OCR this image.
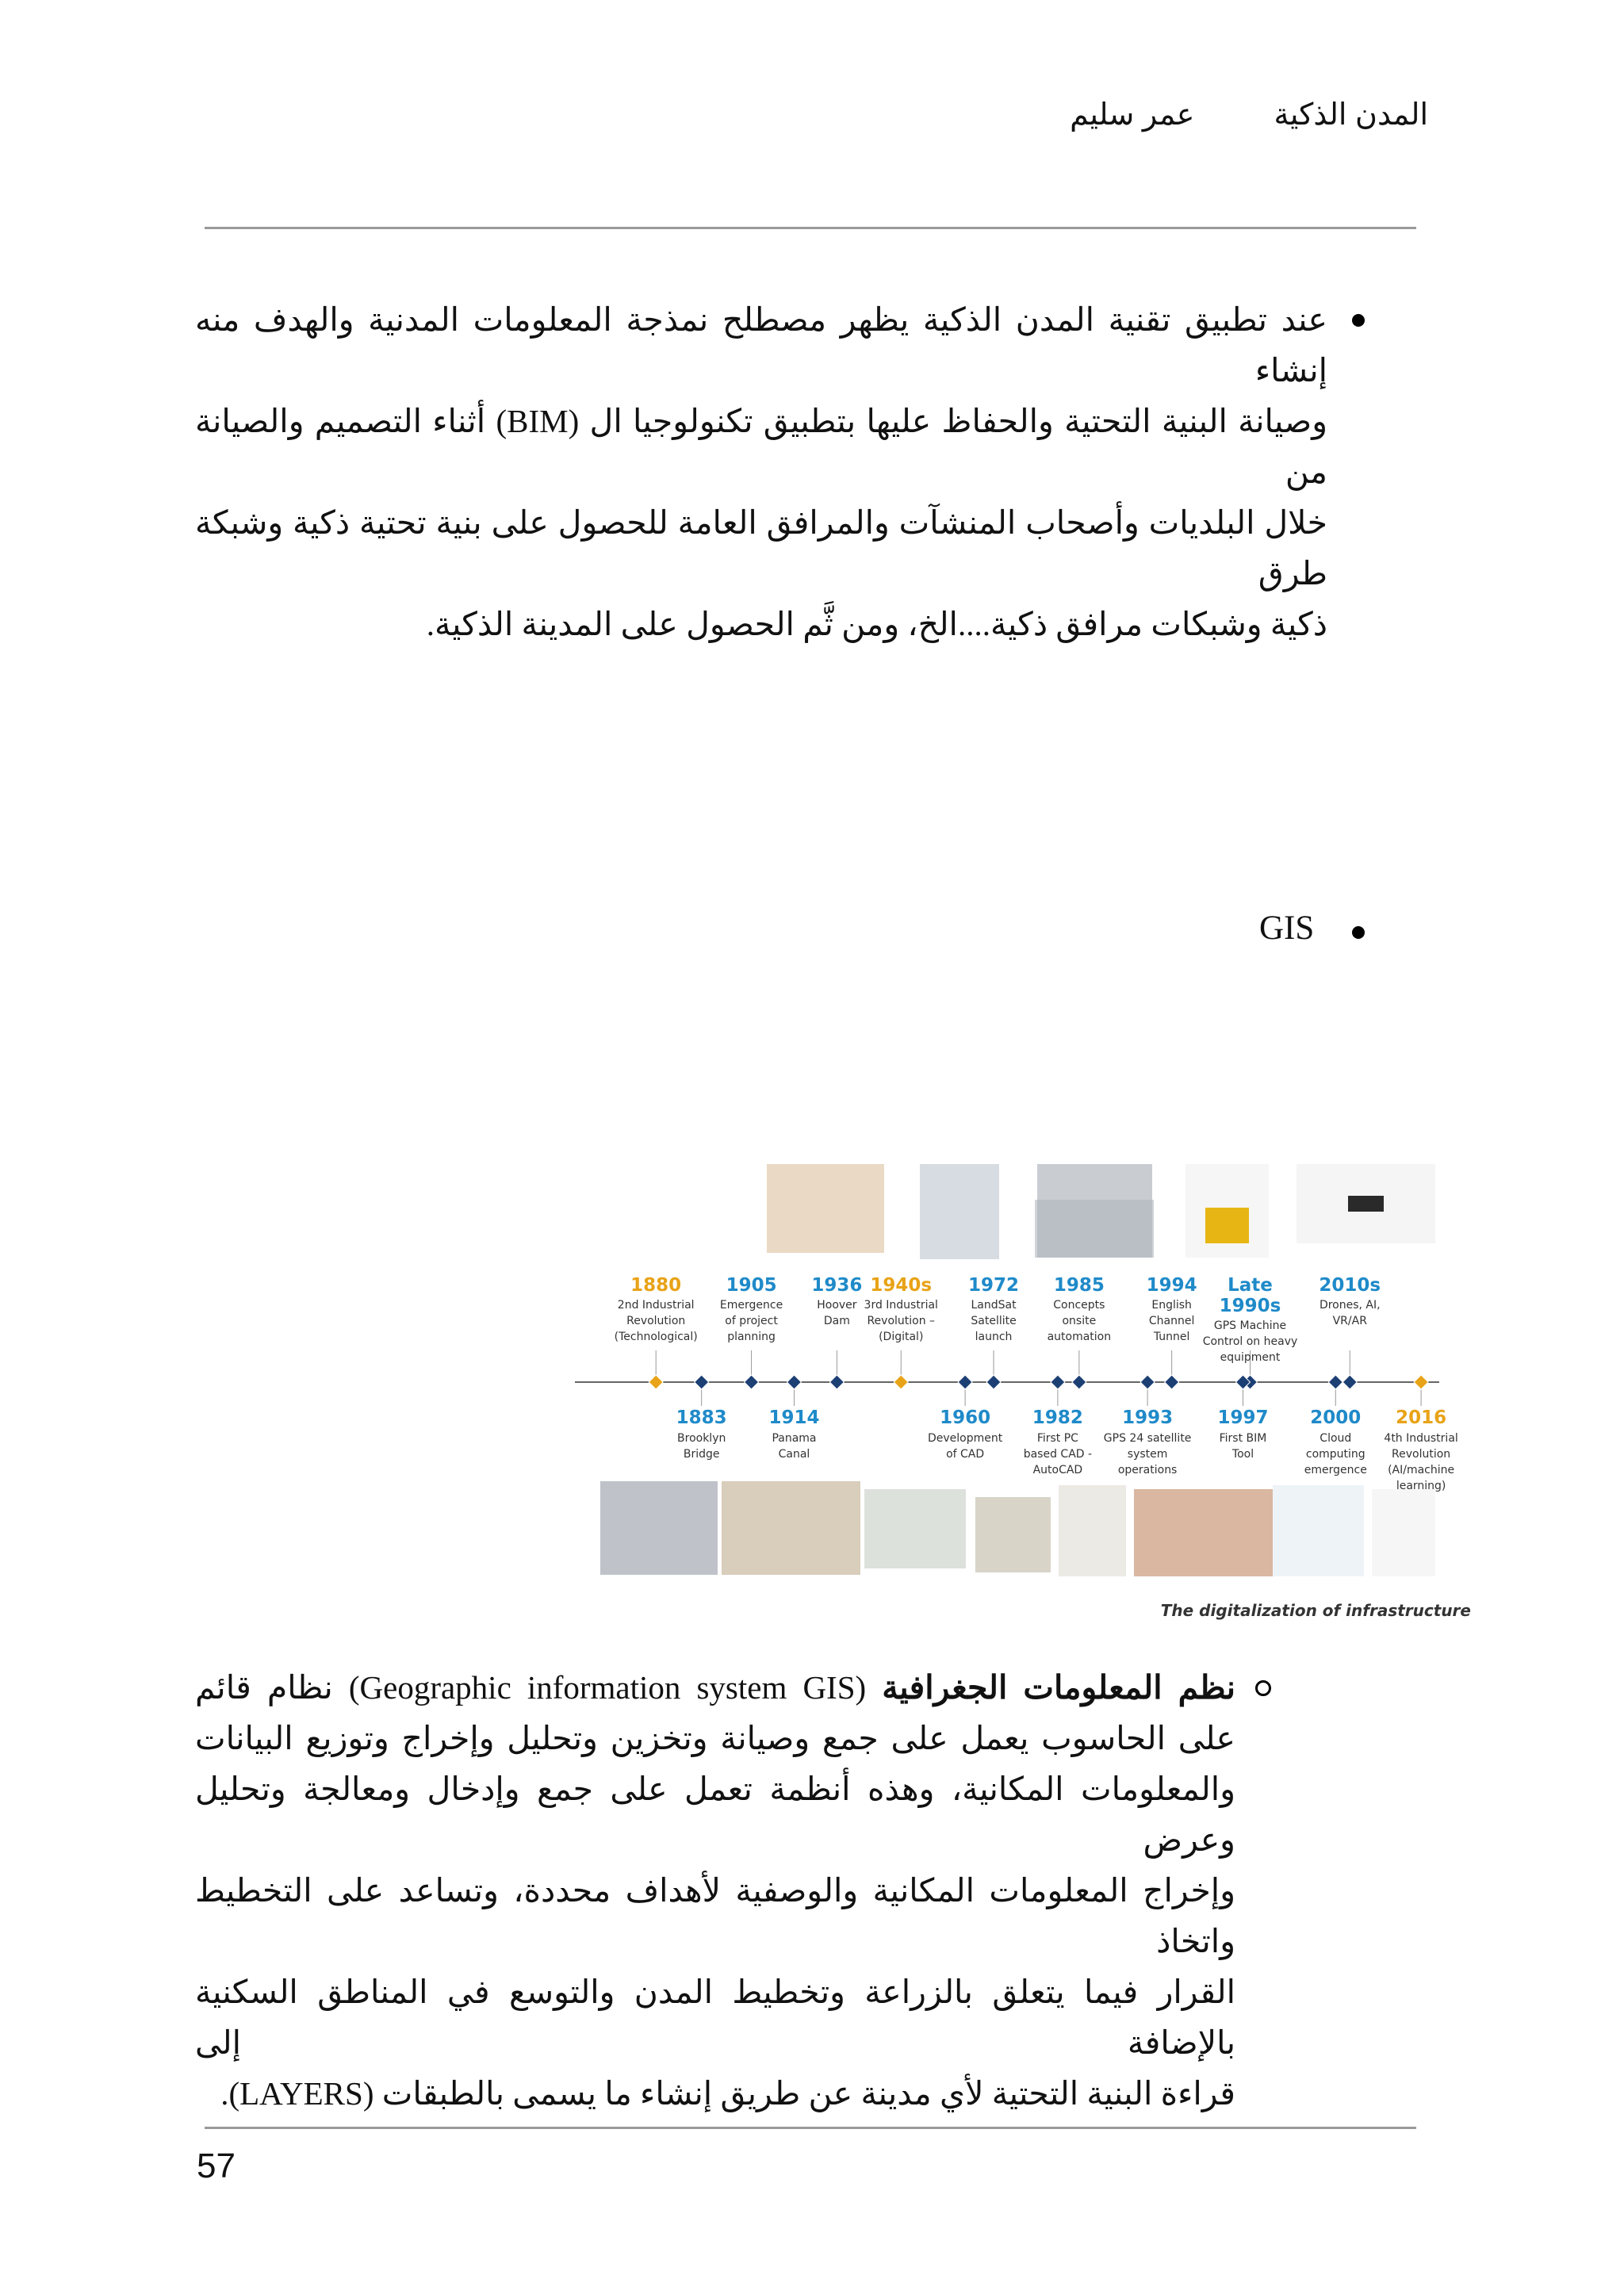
المدن الذكيةعمر سليم

عند تطبيق تقنية المدن الذكية يظهر مصطلح نمذجة المعلومات المدنية والهدف منه إنشاء

وصيانة البنية التحتية والحفاظ عليها بتطبيق تكنولوجيا ال (BIM) أثناء التصميم والصيانة من

خلال البلديات وأصحاب المنشآت والمرافق العامة للحصول على بنية تحتية ذكية وشبكة طرق

ذكية وشبكات مرافق ذكية....الخ، ومن ثَّم الحصول على المدينة الذكية.

GIS
1880
2nd Industrial
Revolution
(Technological)
1905
Emergence
of project
planning
1936
Hoover
Dam
1940s
3rd Industrial
Revolution –
(Digital)
1972
LandSat
Satellite
launch
1985
Concepts
onsite
automation
1994
English
Channel
Tunnel
Late
1990s
GPS Machine
Control on heavy
equipment
2010s
Drones, AI,
VR/AR
1883
Brooklyn
Bridge
1914
Panama
Canal
1960
Development
of CAD
1982
First PC
based CAD -
AutoCAD
1993
GPS 24 satellite
system
operations
1997
First BIM
Tool
2000
Cloud
computing
emergence
2016
4th Industrial
Revolution
(AI/machine
learning)
The digitalization of infrastructure

نظم المعلومات الجغرافية (Geographic information system GIS) نظام قائم

على الحاسوب يعمل على جمع وصيانة وتخزين وتحليل وإخراج وتوزيع البيانات

والمعلومات المكانية، وهذه أنظمة تعمل على جمع وإدخال ومعالجة وتحليل وعرض

وإخراج المعلومات المكانية والوصفية لأهداف محددة، وتساعد على التخطيط واتخاذ

القرار فيما يتعلق بالزراعة وتخطيط المدن والتوسع في المناطق السكنية بالإضافة إلى

قراءة البنية التحتية لأي مدينة عن طريق إنشاء ما يسمى بالطبقات (LAYERS).

57
